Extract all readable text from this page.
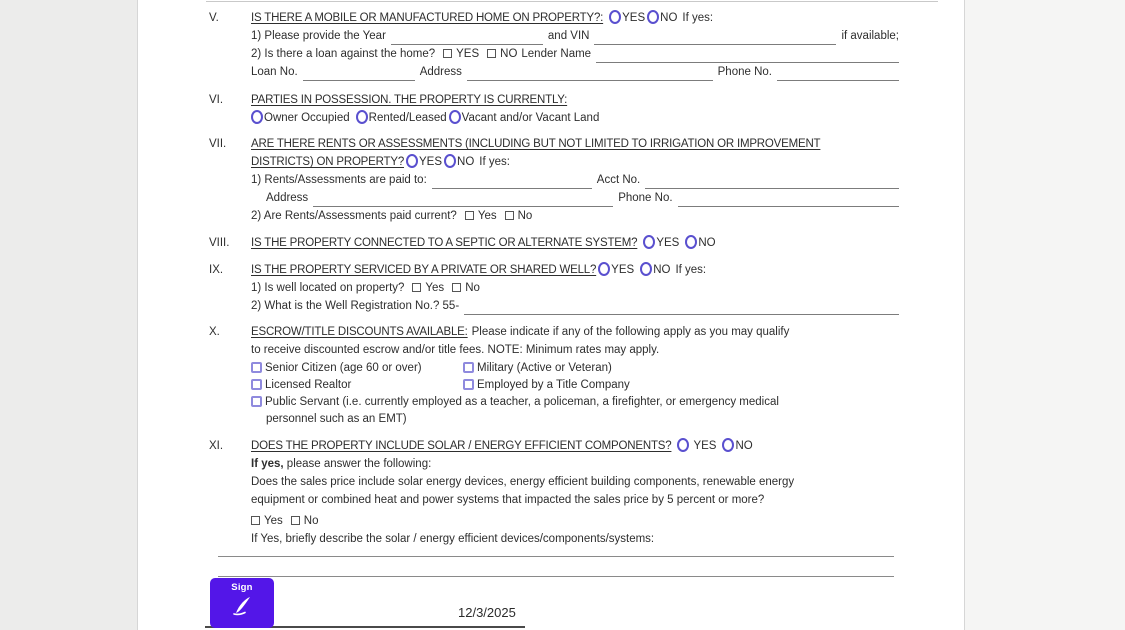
V.	IS THERE A MOBILE OR MANUFACTURED HOME ON PROPERTY?: YES NO If yes:
1) Please provide the Year	and VIN	if available;
2) Is there a loan against the home? YES NO Lender Name
Loan No.	Address	Phone No.
VI. PARTIES IN POSSESSION. THE PROPERTY IS CURRENTLY:
Owner Occupied Rented/Leased Vacant and/or Vacant Land
VII. ARE THERE RENTS OR ASSESSMENTS (INCLUDING BUT NOT LIMITED TO IRRIGATION OR IMPROVEMENT
DISTRICTS) ON PROPERTY? YES NO If yes:
1) Rents/Assessments are paid to:	Acct No.
Address	Phone No.
2) Are Rents/Assessments paid current? Yes No
VIII. IS THE PROPERTY CONNECTED TO A SEPTIC OR ALTERNATE SYSTEM? YES NO
IX. IS THE PROPERTY SERVICED BY A PRIVATE OR SHARED WELL? YES NO If yes:
1) Is well located on property? Yes No
2) What is the Well Registration No.? 55-
X.	ESCROW/TITLE DISCOUNTS AVAILABLE: Please indicate if any of the following apply as you may qualify
to receive discounted escrow and/or title fees. NOTE: Minimum rates may apply.
Senior Citizen (age 60 or over)	Military (Active or Veteran)
Licensed Realtor	Employed by a Title Company
Public Servant (i.e. currently employed as a teacher, a policeman, a firefighter, or emergency medical
personnel such as an EMT)
XI. DOES THE PROPERTY INCLUDE SOLAR / ENERGY EFFICIENT COMPONENTS? YES NO
If yes, please answer the following:
Does the sales price include solar energy devices, energy efficient building components, renewable energy
equipment or combined heat and power systems that impacted the sales price by 5 percent or more?
Yes No
If Yes, briefly describe the solar / energy efficient devices/components/systems:
Sign
12/3/2025
